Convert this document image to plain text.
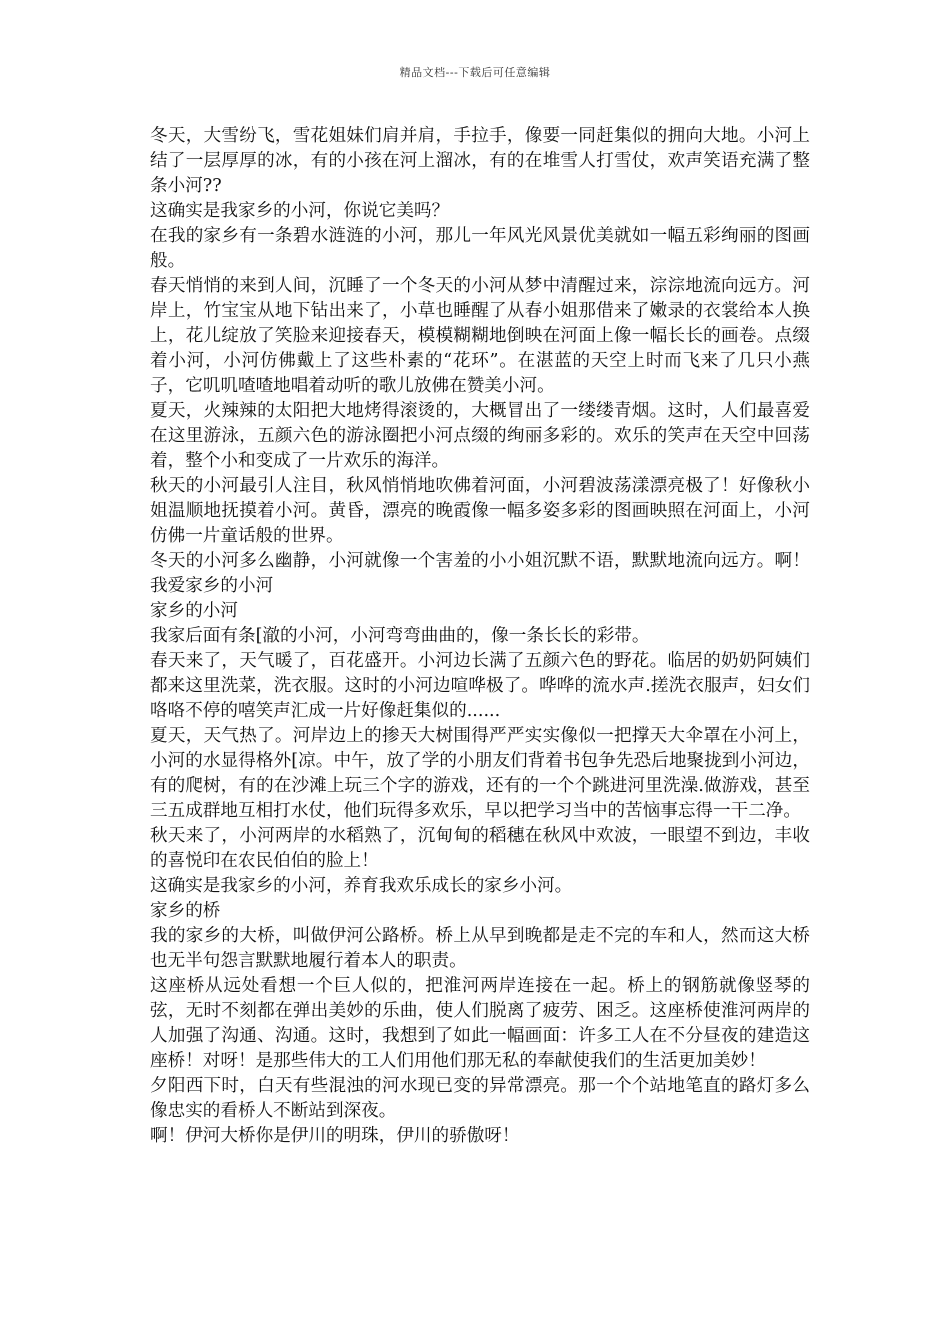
精品文档---下载后可任意编辑

冬天，大雪纷飞，雪花姐妹们肩并肩，手拉手，像要一同赶集似的拥向大地。小河上结了一层厚厚的冰，有的小孩在河上溜冰，有的在堆雪人打雪仗，欢声笑语充满了整条小河??

这确实是我家乡的小河，你说它美吗？

在我的家乡有一条碧水涟涟的小河，那儿一年风光风景优美就如一幅五彩绚丽的图画般。

春天悄悄的来到人间，沉睡了一个冬天的小河从梦中清醒过来，淙淙地流向远方。河岸上，竹宝宝从地下钻出来了，小草也睡醒了从春小姐那借来了嫩录的衣裳给本人换上，花儿绽放了笑脸来迎接春天，模模糊糊地倒映在河面上像一幅长长的画卷。点缀着小河，小河仿佛戴上了这些朴素的“花环”。在湛蓝的天空上时而飞来了几只小燕子，它叽叽喳喳地唱着动听的歌儿放佛在赞美小河。

夏天，火辣辣的太阳把大地烤得滚烫的，大概冒出了一缕缕青烟。这时，人们最喜爱在这里游泳，五颜六色的游泳圈把小河点缀的绚丽多彩的。欢乐的笑声在天空中回荡着，整个小和变成了一片欢乐的海洋。

秋天的小河最引人注目，秋风悄悄地吹佛着河面，小河碧波荡漾漂亮极了！好像秋小姐温顺地抚摸着小河。黄昏，漂亮的晚霞像一幅多姿多彩的图画映照在河面上，小河仿佛一片童话般的世界。

冬天的小河多么幽静，小河就像一个害羞的小小姐沉默不语，默默地流向远方。啊！我爱家乡的小河

家乡的小河

我家后面有条[澈的小河，小河弯弯曲曲的，像一条长长的彩带。

春天来了，天气暖了，百花盛开。小河边长满了五颜六色的野花。临居的奶奶阿姨们都来这里洗菜，洗衣服。这时的小河边喧哗极了。哗哗的流水声.搓洗衣服声，妇女们咯咯不停的嘻笑声汇成一片好像赶集似的......

夏天，天气热了。河岸边上的掺天大树围得严严实实像似一把撑天大伞罩在小河上，小河的水显得格外[凉。中午，放了学的小朋友们背着书包争先恐后地聚拢到小河边，有的爬树，有的在沙滩上玩三个字的游戏，还有的一个个跳进河里洗澡.做游戏，甚至三五成群地互相打水仗，他们玩得多欢乐，早以把学习当中的苦恼事忘得一干二净。

秋天来了，小河两岸的水稻熟了，沉甸甸的稻穗在秋风中欢波，一眼望不到边，丰收的喜悦印在农民伯伯的脸上！

这确实是我家乡的小河，养育我欢乐成长的家乡小河。

家乡的桥

我的家乡的大桥，叫做伊河公路桥。桥上从早到晚都是走不完的车和人，然而这大桥也无半句怨言默默地履行着本人的职责。

这座桥从远处看想一个巨人似的，把淮河两岸连接在一起。桥上的钢筋就像竖琴的弦，无时不刻都在弹出美妙的乐曲，使人们脱离了疲劳、困乏。这座桥使淮河两岸的人加强了沟通、沟通。这时，我想到了如此一幅画面：许多工人在不分昼夜的建造这座桥！对呀！是那些伟大的工人们用他们那无私的奉献使我们的生活更加美妙！

夕阳西下时，白天有些混浊的河水现已变的异常漂亮。那一个个站地笔直的路灯多么像忠实的看桥人不断站到深夜。

啊！伊河大桥你是伊川的明珠，伊川的骄傲呀！
